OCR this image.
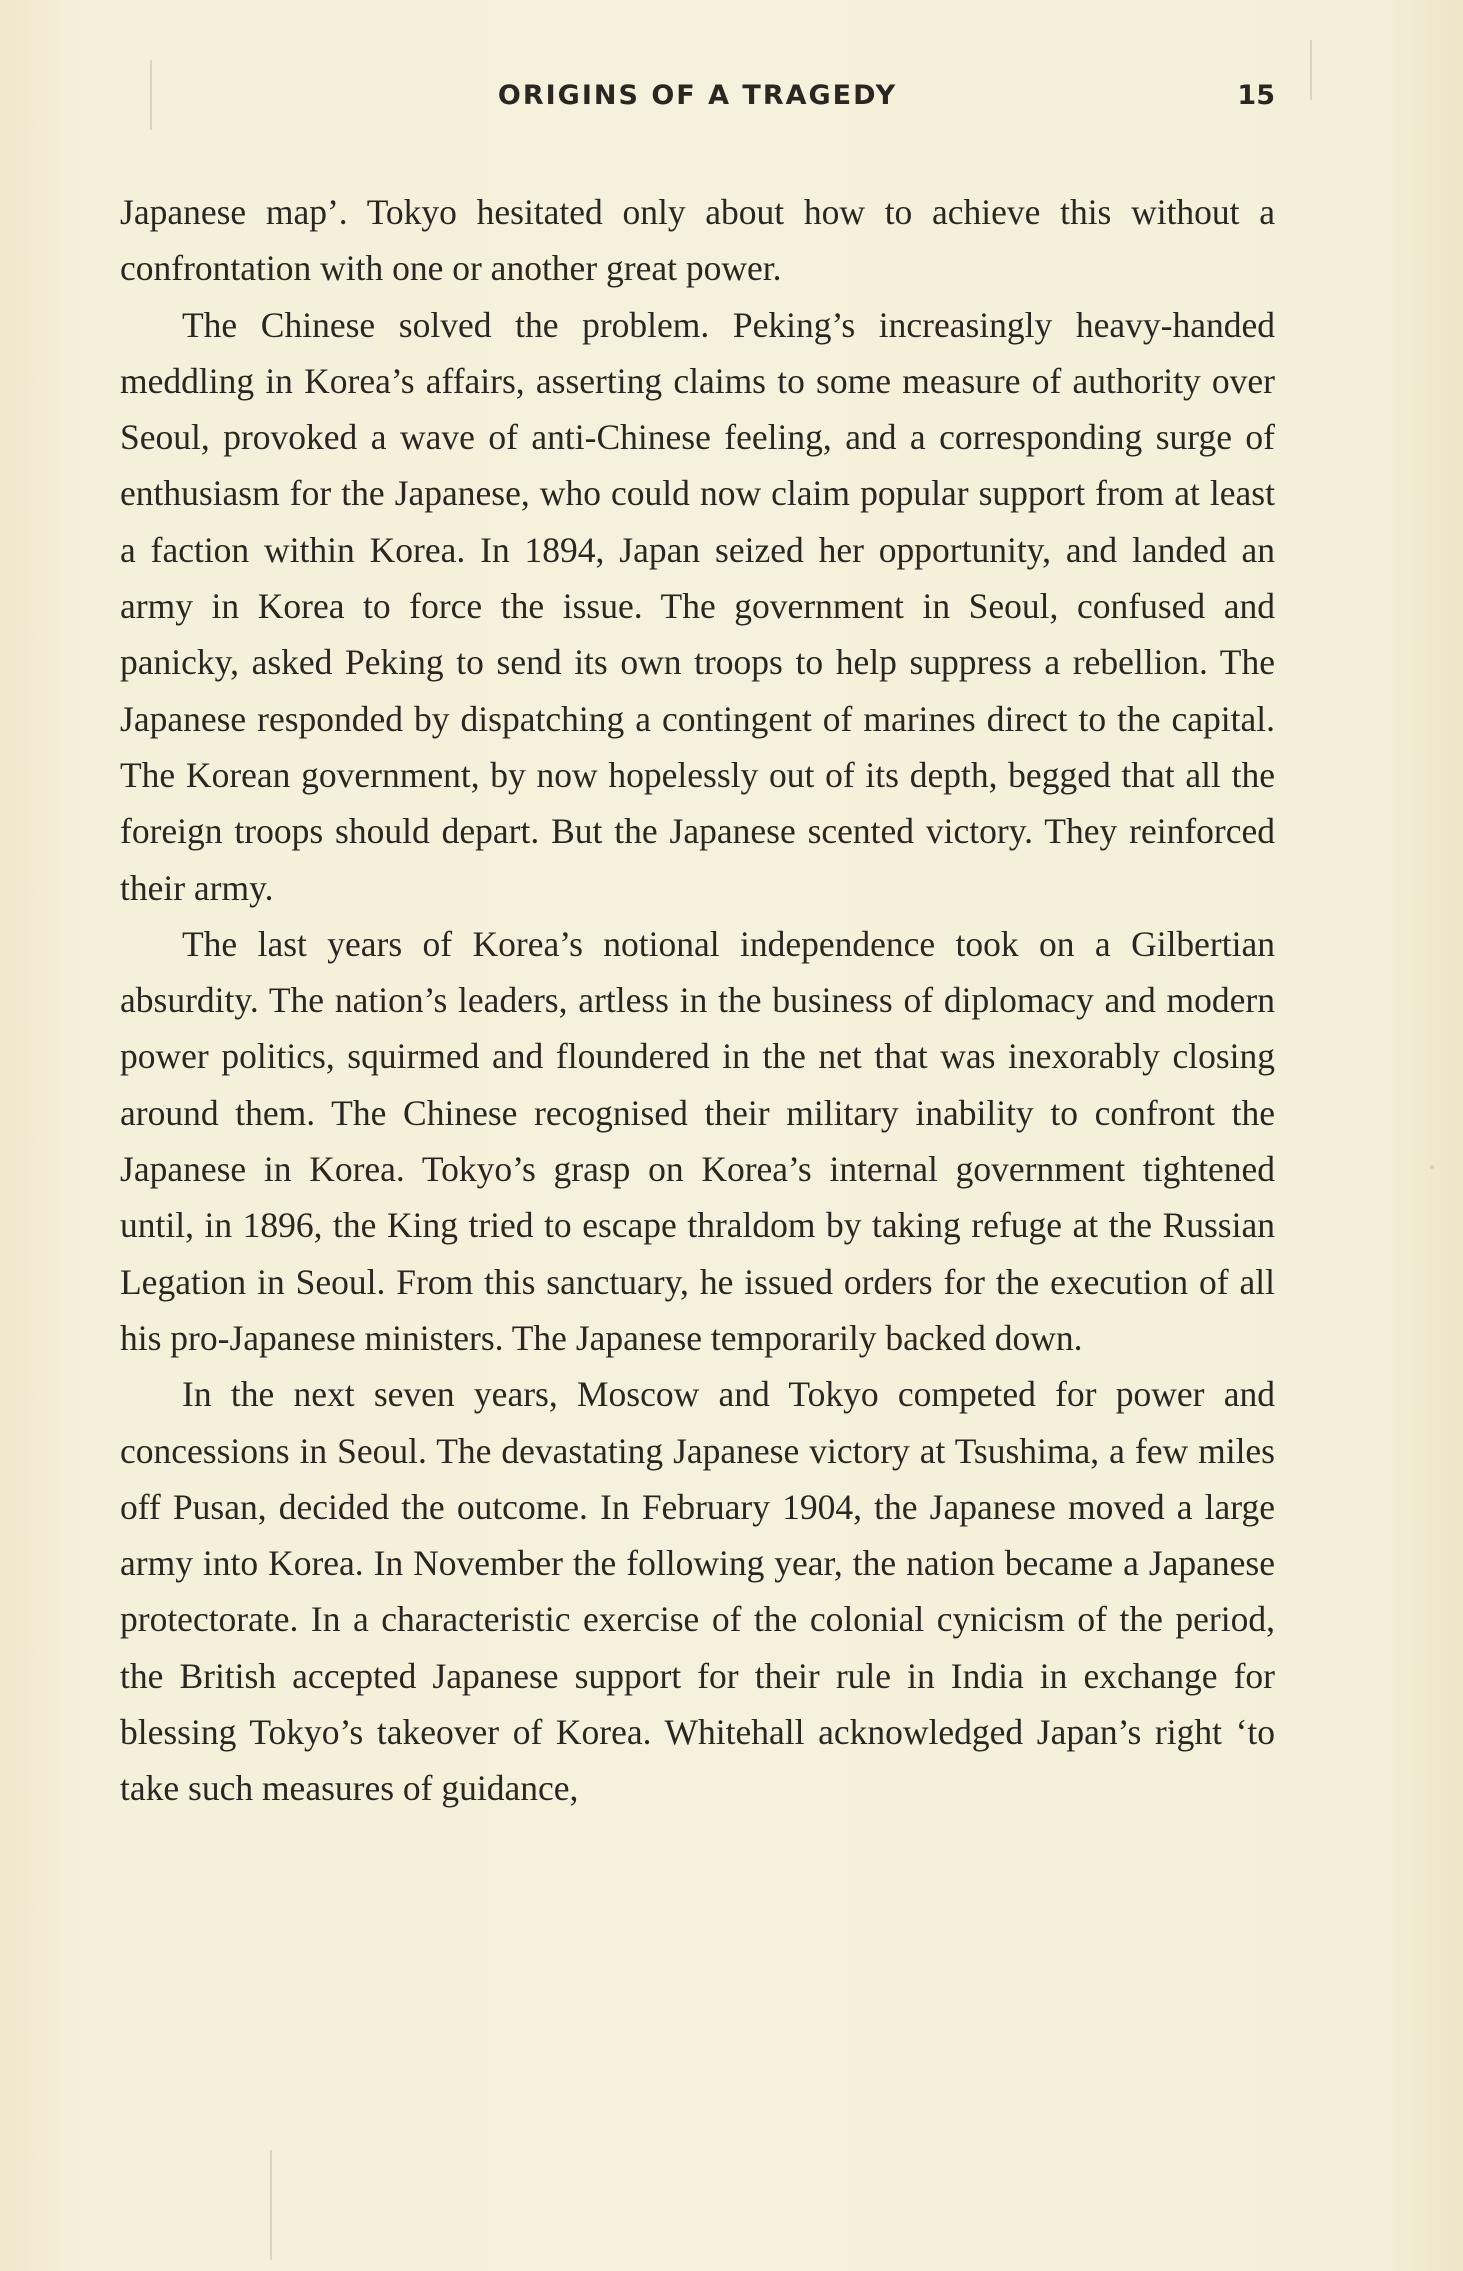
ORIGINS OF A TRAGEDY	15

Japanese map’. Tokyo hesitated only about how to achieve this without a confrontation with one or another great power.

The Chinese solved the problem. Peking’s increasingly heavy-handed meddling in Korea’s affairs, asserting claims to some measure of authority over Seoul, provoked a wave of anti-Chinese feeling, and a corresponding surge of enthusiasm for the Japanese, who could now claim popular support from at least a faction within Korea. In 1894, Japan seized her opportunity, and landed an army in Korea to force the issue. The government in Seoul, confused and panicky, asked Peking to send its own troops to help suppress a rebellion. The Japanese responded by dispatching a contingent of marines direct to the capital. The Korean government, by now hopelessly out of its depth, begged that all the foreign troops should depart. But the Japanese scented victory. They reinforced their army.

The last years of Korea’s notional independence took on a Gilbertian absurdity. The nation’s leaders, artless in the business of diplomacy and modern power politics, squirmed and floundered in the net that was inexorably closing around them. The Chinese recognised their military inability to confront the Japanese in Korea. Tokyo’s grasp on Korea’s internal government tightened until, in 1896, the King tried to escape thraldom by taking refuge at the Russian Legation in Seoul. From this sanctuary, he issued orders for the execution of all his pro-Japanese ministers. The Japanese temporarily backed down.

In the next seven years, Moscow and Tokyo competed for power and concessions in Seoul. The devastating Japanese victory at Tsushima, a few miles off Pusan, decided the outcome. In February 1904, the Japanese moved a large army into Korea. In November the following year, the nation became a Japanese protectorate. In a characteristic exercise of the colonial cynicism of the period, the British accepted Japanese support for their rule in India in exchange for blessing Tokyo’s takeover of Korea. Whitehall acknowledged Japan’s right ‘to take such measures of guidance,
